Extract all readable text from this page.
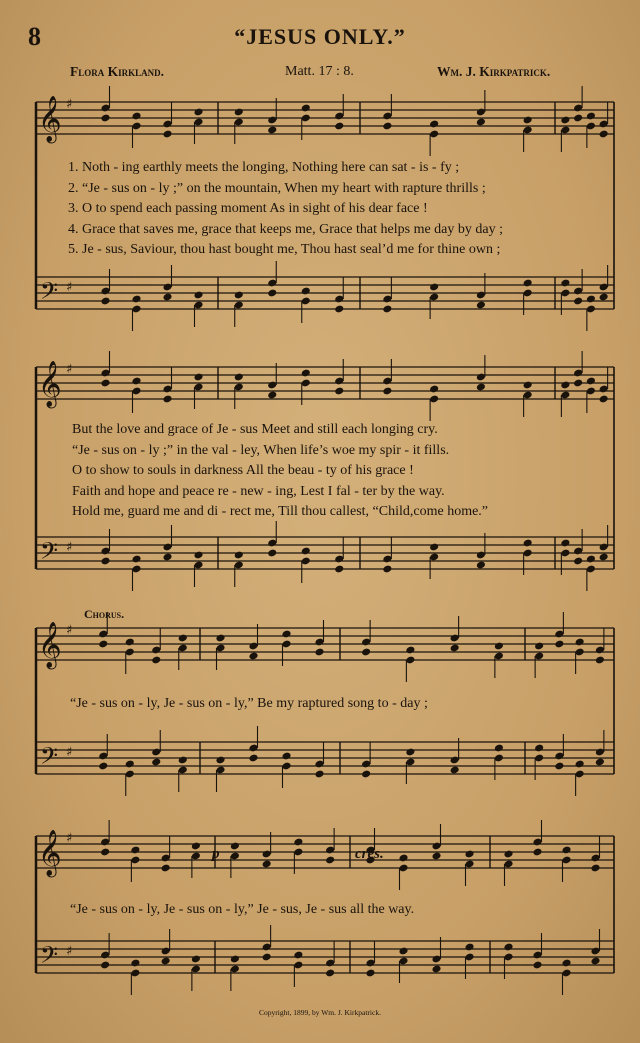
8	“JESUS ONLY.”
Flora Kirkland.	Matt. 17 : 8.	Wm. J. Kirkpatrick.
𝄞
𝄢
♯
♯
𝄞
𝄢
♯
♯
𝄞
𝄢
♯
♯
𝄞
𝄢
♯
♯
1. Noth - ing earthly meets the longing, Nothing here can sat - is - fy ;
2. “Je - sus on - ly ;” on the mountain, When my heart with rapture thrills ;
3. O to spend each passing moment As in sight of his dear face !
4. Grace that saves me, grace that keeps me, Grace that helps me day by day ;
5. Je - sus, Saviour, thou hast bought me, Thou hast seal’d me for thine own ;
But the love and grace of Je - sus Meet and still each longing cry.
“Je - sus on - ly ;” in the val - ley, When life’s woe my spir - it fills.
O to show to souls in darkness All the beau - ty of his grace !
Faith and hope and peace re - new - ing, Lest I fal - ter by the way.
Hold me, guard me and di - rect me, Till thou callest, “Child,come home.”
Chorus.
“Je - sus on - ly, Je - sus on - ly,” Be my raptured song to - day ;
“Je - sus on - ly, Je - sus on - ly,” Je - sus, Je - sus all the way.
p	cres.
Copyright, 1899, by Wm. J. Kirkpatrick.
